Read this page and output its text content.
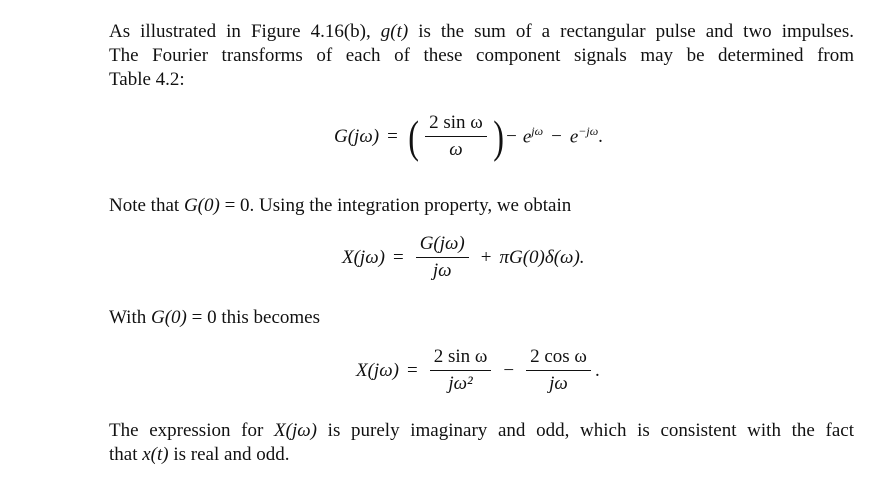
As illustrated in Figure 4.16(b), g(t) is the sum of a rectangular pulse and two impulses.
The Fourier transforms of each of these component signals may be determined from
Table 4.2:
G(jω) = ( $\frac{\text{2 sin ω}}{\omega}$ ) − $e^{j\omega} - e^{-j\omega}$ .
Note that G(0) = 0. Using the integration property, we obtain
$X(j\omega) = \frac{G(j\omega)}{j\omega} + \pi G(0)\delta(\omega)$.
With G(0) = 0 this becomes
$X(j\omega) = \frac{\text{2 sin ω}}{\text{jω²}} - \frac{\text{2 cos ω}}{j\omega}$ .
The expression for X(jω) is purely imaginary and odd, which is consistent with the fact
that x(t) is real and odd.
